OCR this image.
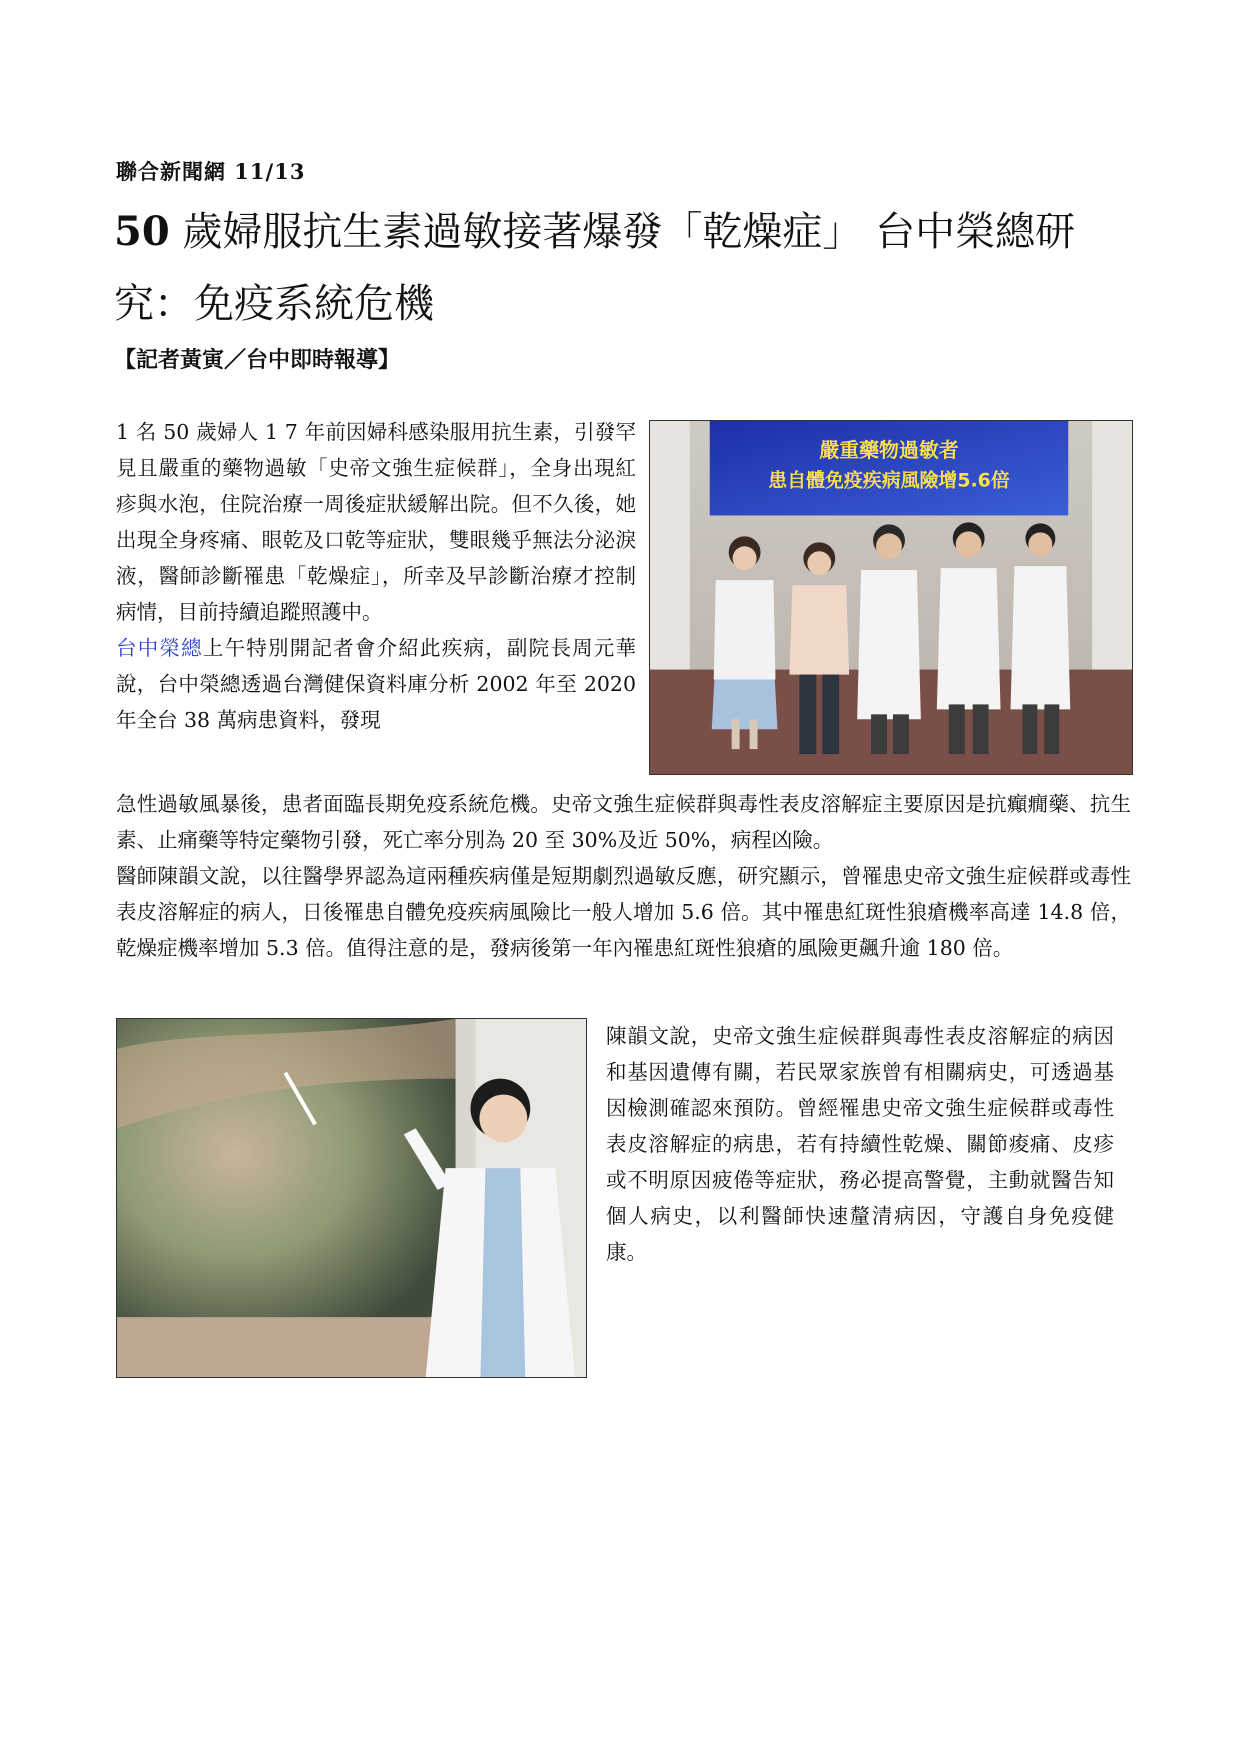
聯合新聞網 11/13
50 歲婦服抗生素過敏接著爆發「乾燥症」 台中榮總研究：免疫系統危機
【記者黃寅／台中即時報導】

1 名 50 歲婦人 1 7 年前因婦科感染服用抗生素，引發罕見且嚴重的藥物過敏「史帝文強生症候群」，全身出現紅疹與水泡，住院治療一周後症狀緩解出院。但不久後，她出現全身疼痛、眼乾及口乾等症狀，雙眼幾乎無法分泌淚液，醫師診斷罹患「乾燥症」，所幸及早診斷治療才控制病情，目前持續追蹤照護中。

台中榮總上午特別開記者會介紹此疾病，副院長周元華說，台中榮總透過台灣健保資料庫分析 2002 年至 2020 年全台 38 萬病患資料，發現

嚴重藥物過敏者
患自體免疫疾病風險增5.6倍

急性過敏風暴後，患者面臨長期免疫系統危機。史帝文強生症候群與毒性表皮溶解症主要原因是抗癲癇藥、抗生素、止痛藥等特定藥物引發，死亡率分別為 20 至 30%及近 50%，病程凶險。

醫師陳韻文說，以往醫學界認為這兩種疾病僅是短期劇烈過敏反應，研究顯示，曾罹患史帝文強生症候群或毒性表皮溶解症的病人，日後罹患自體免疫疾病風險比一般人增加 5.6 倍。其中罹患紅斑性狼瘡機率高達 14.8 倍，乾燥症機率增加 5.3 倍。值得注意的是，發病後第一年內罹患紅斑性狼瘡的風險更飆升逾 180 倍。

陳韻文說，史帝文強生症候群與毒性表皮溶解症的病因和基因遺傳有關，若民眾家族曾有相關病史，可透過基因檢測確認來預防。曾經罹患史帝文強生症候群或毒性表皮溶解症的病患，若有持續性乾燥、關節痠痛、皮疹或不明原因疲倦等症狀，務必提高警覺，主動就醫告知個人病史，以利醫師快速釐清病因，守護自身免疫健康。
